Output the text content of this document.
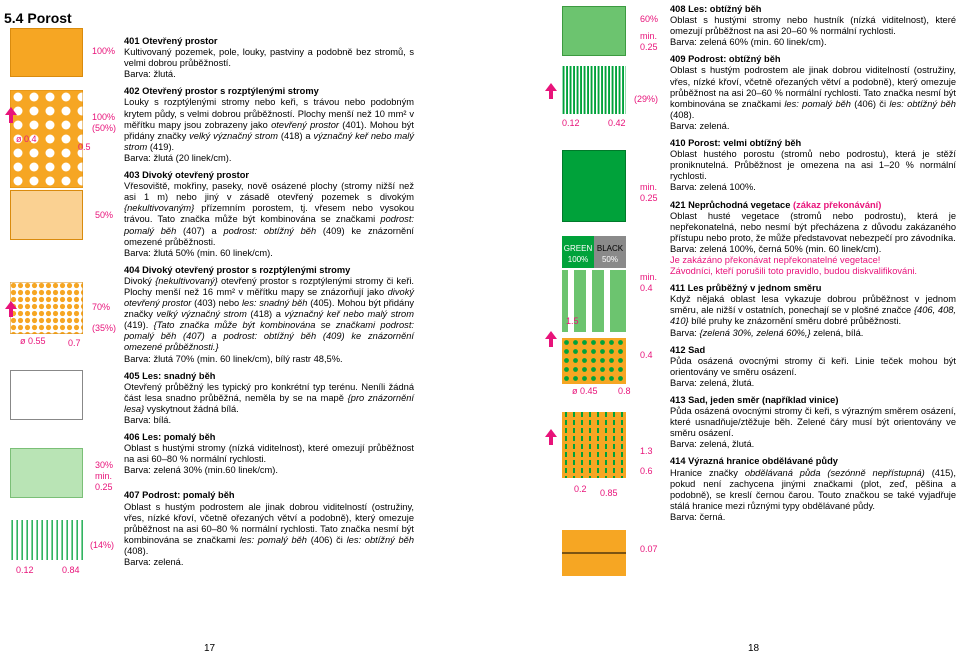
5.4 Porost
100%
100%
(50%)
ø 0.4
0.5
50%
70%
(35%)
ø 0.55 0.7
30%
min.
0.25
(14%)
0.12	0.84

401 Otevřený prostor

Kultivovaný pozemek, pole, louky, pastviny a podobně bez stromů, s velmi dobrou průběžností.

Barva: žlutá.

402 Otevřený prostor s rozptýlenými stromy

Louky s rozptýlenými stromy nebo keři, s trávou nebo podobným krytem půdy, s velmi dobrou průběžností. Plochy menší než 10 mm² v měřítku mapy jsou zobrazeny jako otevřený prostor (401). Mohou být přidány značky velký význačný strom (418) a význačný keř nebo malý strom (419).

Barva: žlutá (20 linek/cm).

403 Divoký otevřený prostor

Vřesoviště, mokřiny, paseky, nově osázené plochy (stromy nižší než asi 1 m) nebo jiný v zásadě otevřený pozemek s divokým {nekultivovaným} přízemním porostem, tj. vřesem nebo vysokou trávou. Tato značka může být kombinována se značkami podrost: pomalý běh (407) a podrost: obtížný běh (409) ke znázornění omezené průběžnosti.

Barva: žlutá 50% (min. 60 linek/cm).

404 Divoký otevřený prostor s rozptýlenými stromy

Divoký {nekultivovaný} otevřený prostor s rozptýlenými stromy či keři. Plochy menší než 16 mm² v měřítku mapy se znázorňují jako divoký otevřený prostor (403) nebo les: snadný běh (405). Mohou být přidány značky velký význačný strom (418) a význačný keř nebo malý strom (419). {Tato značka může být kombinována se značkami podrost: pomalý běh (407) a podrost: obtížný běh (409) ke znázornění omezené průběžnosti.}

Barva: žlutá 70% (min. 60 linek/cm), bílý rastr 48,5%.

405 Les: snadný běh

Otevřený průběžný les typický pro konkrétní typ terénu. Neníli žádná část lesa snadno průběžná, neměla by se na mapě {pro znázornění lesa} vyskytnout žádná bílá.

Barva: bílá.

406 Les: pomalý běh

Oblast s hustými stromy (nízká viditelnost), které omezují průběžnost na asi 60–80 % normální rychlosti.

Barva: zelená 30% (min.60 linek/cm).

407 Podrost: pomalý běh

Oblast s hustým podrostem ale jinak dobrou viditelností (ostružiny, vřes, nízké křoví, včetně ořezaných větví a podobně), který omezuje průběžnost na asi 60–80 % normální rychlosti. Tato značka nesmí být kombinována se značkami les: pomalý běh (406) či les: obtížný běh (408).

Barva: zelená.

17
60%
min.
0.25
(29%)
0.12	0.42
min.
0.25
GREEN BLACK
100%	50%
min.
0.4
0.4
1.5
ø 0.45 0.8
1.3
0.6
0.2 0.85
0.07

408 Les: obtížný běh

Oblast s hustými stromy nebo hustník (nízká viditelnost), které omezují průběžnost na asi 20–60 % normální rychlosti.

Barva: zelená 60% (min. 60 linek/cm).

409 Podrost: obtížný běh

Oblast s hustým podrostem ale jinak dobrou viditelností (ostružiny, vřes, nízké křoví, včetně ořezaných větví a podobně), který omezuje průběžnost na asi 20–60 % normální rychlosti. Tato značka nesmí být kombinována se značkami les: pomalý běh (406) či les: obtížný běh (408).

Barva: zelená.

410 Porost: velmi obtížný běh

Oblast hustého porostu (stromů nebo podrostu), která je stěží proniknutelná. Průběžnost je omezena na asi 1–20 % normální rychlosti.

Barva: zelená 100%.

421 Neprůchodná vegetace (zákaz překonávání)

Oblast husté vegetace (stromů nebo podrostu), která je nepřekonatelná, nebo nesmí být přecházena z důvodu zakázaného přístupu nebo proto, že může představovat nebezpečí pro závodníka.

Barva: zelená 100%, černá 50% (min. 60 linek/cm).

Je zakázáno překonávat nepřekonatelné vegetace!

Závodníci, kteří porušili toto pravidlo, budou diskvalifikováni.

411 Les průběžný v jednom směru

Když nějaká oblast lesa vykazuje dobrou průběžnost v jednom směru, ale nižší v ostatních, ponechají se v plošné značce {406, 408, 410} bílé pruhy ke znázornění směru dobré průběžnosti.

Barva: {zelená 30%, zelená 60%,} zelená, bílá.

412 Sad

Půda osázená ovocnými stromy či keři. Linie teček mohou být orientovány ve směru osázení.

Barva: zelená, žlutá.

413 Sad, jeden směr (například vinice)

Půda osázená ovocnými stromy či keři, s výrazným směrem osázení, které usnadňuje/ztěžuje běh. Zelené čáry musí být orientovány ve směru osázení.

Barva: zelená, žlutá.

414 Výrazná hranice obdělávané půdy

Hranice značky obdělávaná půda (sezónně nepřístupná) (415), pokud není zachycena jinými značkami (plot, zeď, pěšina a podobně), se kreslí černou čarou. Touto značkou se také vyjadřuje stálá hranice mezi různými typy obdělávané půdy.

Barva: černá.

18
